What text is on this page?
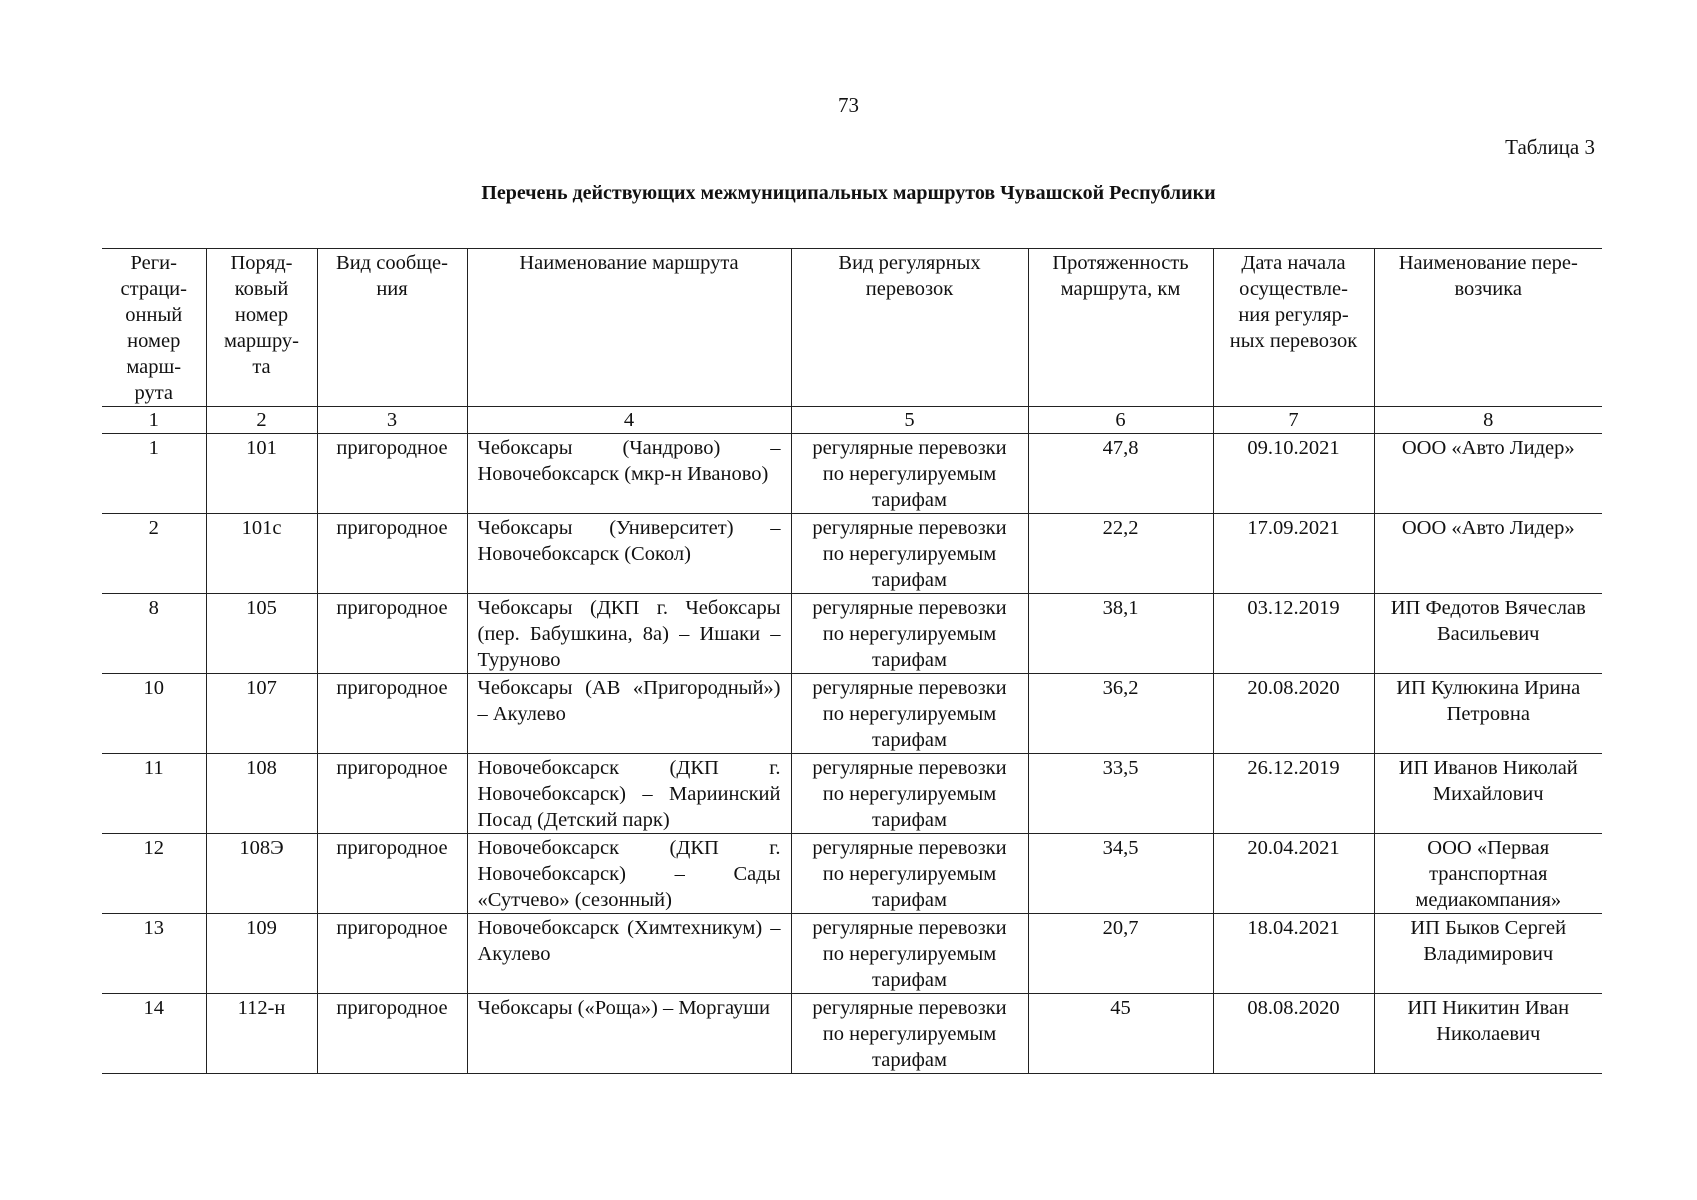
73
Таблица 3
Перечень действующих межмуниципальных маршрутов Чувашской Республики
Реги-страци-онный номер марш-рута	Поряд-ковый номер маршру-та	Вид сообще-ния	Наименование маршрута	Вид регулярных перевозок	Протяженность маршрута, км	Дата начала осуществле-ния регуляр-ных перевозок	Наименование пере-возчика
1	2	3	4	5	6	7	8
1	101	пригородное	Чебоксары (Чандрово) – Новочебоксарск (мкр-н Иваново)	регулярные перевозки по нерегулируемым тарифам	47,8	09.10.2021	ООО «Авто Лидер»
2	101с	пригородное	Чебоксары (Университет) – Новочебоксарск (Сокол)	регулярные перевозки по нерегулируемым тарифам	22,2	17.09.2021	ООО «Авто Лидер»
8	105	пригородное	Чебоксары (ДКП г. Чебоксары (пер. Бабушкина, 8а) – Ишаки – Туруново	регулярные перевозки по нерегулируемым тарифам	38,1	03.12.2019	ИП Федотов Вячеслав Васильевич
10	107	пригородное	Чебоксары (АВ «Пригородный») – Акулево	регулярные перевозки по нерегулируемым тарифам	36,2	20.08.2020	ИП Кулюкина Ирина Петровна
11	108	пригородное	Новочебоксарск (ДКП г. Новочебоксарск) – Мариинский Посад (Детский парк)	регулярные перевозки по нерегулируемым тарифам	33,5	26.12.2019	ИП Иванов Николай Михайлович
12	108Э	пригородное	Новочебоксарск (ДКП г. Новочебоксарск) – Сады «Сутчево» (сезонный)	регулярные перевозки по нерегулируемым тарифам	34,5	20.04.2021	ООО «Первая транспортная медиакомпания»
13	109	пригородное	Новочебоксарск (Химтехникум) – Акулево	регулярные перевозки по нерегулируемым тарифам	20,7	18.04.2021	ИП Быков Сергей Владимирович
14	112-н	пригородное	Чебоксары («Роща») – Моргауши	регулярные перевозки по нерегулируемым тарифам	45	08.08.2020	ИП Никитин Иван Николаевич
